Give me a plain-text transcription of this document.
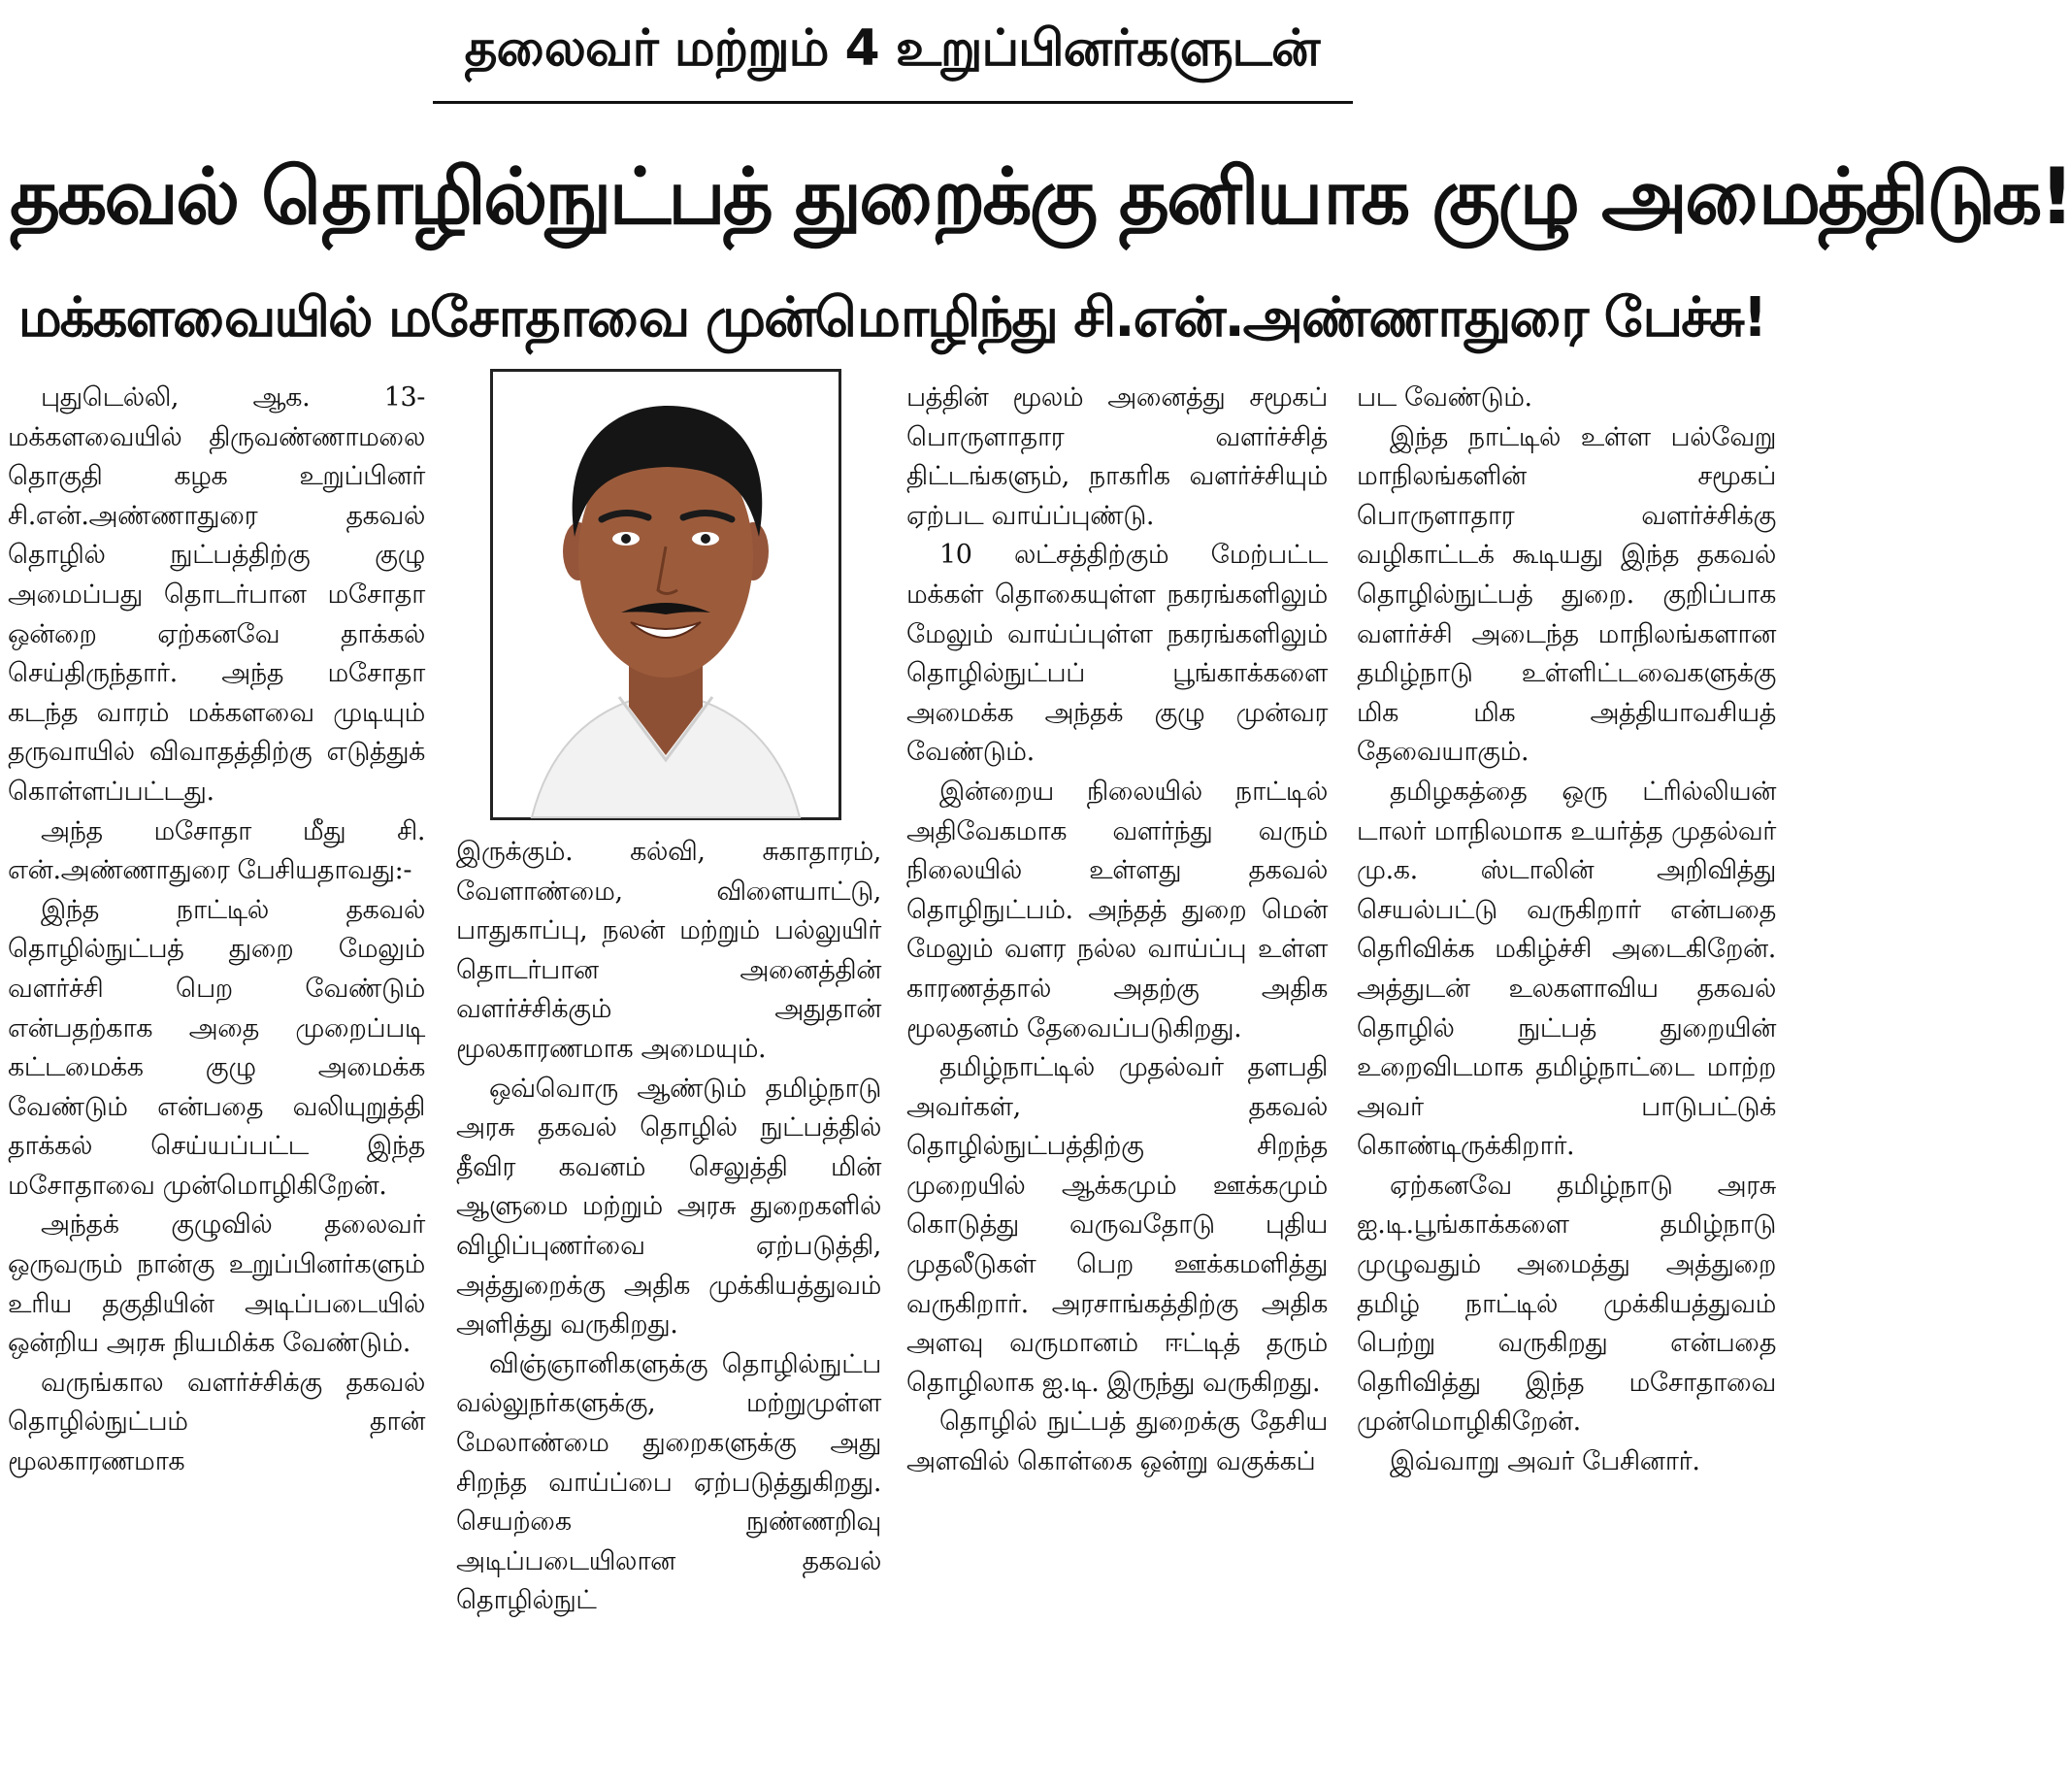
தலைவர் மற்றும் 4 உறுப்பினர்களுடன்
தகவல் தொழில்நுட்பத் துறைக்கு தனியாக குழு அமைத்திடுக!
மக்களவையில் மசோதாவை முன்மொழிந்து சி.என்.அண்ணாதுரை பேச்சு!

புதுடெல்லி, ஆக. 13- மக்களவையில் திருவண்ணாமலை தொகுதி கழக உறுப்பினர் சி.என்.அண்ணாதுரை தகவல் தொழில் நுட்பத்திற்கு குழு அமைப்பது தொடர்பான மசோதா ஒன்றை ஏற்கனவே தாக்கல் செய்திருந்தார். அந்த மசோதா கடந்த வாரம் மக்களவை முடியும் தருவாயில் விவாதத்திற்கு எடுத்துக் கொள்ளப்பட்டது.

அந்த மசோதா மீது சி. என்.அண்ணாதுரை பேசியதாவது:-

இந்த நாட்டில் தகவல் தொழில்நுட்பத் துறை மேலும் வளர்ச்சி பெற வேண்டும் என்பதற்காக அதை முறைப்படி கட்டமைக்க குழு அமைக்க வேண்டும் என்பதை வலியுறுத்தி தாக்கல் செய்யப்பட்ட இந்த மசோதாவை முன்மொழிகிறேன்.

அந்தக் குழுவில் தலைவர் ஒருவரும் நான்கு உறுப்பினர்களும் உரிய தகுதியின் அடிப்படையில் ஒன்றிய அரசு நியமிக்க வேண்டும்.

வருங்கால வளர்ச்சிக்கு தகவல் தொழில்நுட்பம் தான் மூலகாரணமாக

இருக்கும். கல்வி, சுகாதாரம், வேளாண்மை, விளையாட்டு, பாதுகாப்பு, நலன் மற்றும் பல்லுயிர் தொடர்பான அனைத்தின் வளர்ச்சிக்கும் அதுதான் மூலகாரணமாக அமையும்.

ஒவ்வொரு ஆண்டும் தமிழ்நாடு அரசு தகவல் தொழில் நுட்பத்தில் தீவிர கவனம் செலுத்தி மின் ஆளுமை மற்றும் அரசு துறைகளில் விழிப்புணர்வை ஏற்படுத்தி, அத்துறைக்கு அதிக முக்கியத்துவம் அளித்து வருகிறது.

விஞ்ஞானிகளுக்கு தொழில்நுட்ப வல்லுநர்களுக்கு, மற்றுமுள்ள மேலாண்மை துறைகளுக்கு அது சிறந்த வாய்ப்பை ஏற்படுத்துகிறது. செயற்கை நுண்ணறிவு அடிப்படையிலான தகவல் தொழில்நுட்

பத்தின் மூலம் அனைத்து சமூகப் பொருளாதார வளர்ச்சித் திட்டங்களும், நாகரிக வளர்ச்சியும் ஏற்பட வாய்ப்புண்டு.

10 லட்சத்திற்கும் மேற்பட்ட மக்கள் தொகையுள்ள நகரங்களிலும் மேலும் வாய்ப்புள்ள நகரங்களிலும் தொழில்நுட்பப் பூங்காக்களை அமைக்க அந்தக் குழு முன்வர வேண்டும்.

இன்றைய நிலையில் நாட்டில் அதிவேகமாக வளர்ந்து வரும் நிலையில் உள்ளது தகவல் தொழிநுட்பம். அந்தத் துறை மென் மேலும் வளர நல்ல வாய்ப்பு உள்ள காரணத்தால் அதற்கு அதிக மூலதனம் தேவைப்படுகிறது.

தமிழ்நாட்டில் முதல்வர் தளபதி அவர்கள், தகவல் தொழில்நுட்பத்திற்கு சிறந்த முறையில் ஆக்கமும் ஊக்கமும் கொடுத்து வருவதோடு புதிய முதலீடுகள் பெற ஊக்கமளித்து வருகிறார். அரசாங்கத்திற்கு அதிக அளவு வருமானம் ஈட்டித் தரும் தொழிலாக ஐ.டி. இருந்து வருகிறது.

தொழில் நுட்பத் துறைக்கு தேசிய அளவில் கொள்கை ஒன்று வகுக்கப்

பட வேண்டும்.

இந்த நாட்டில் உள்ள பல்வேறு மாநிலங்களின் சமூகப் பொருளாதார வளர்ச்சிக்கு வழிகாட்டக் கூடியது இந்த தகவல் தொழில்நுட்பத் துறை. குறிப்பாக வளர்ச்சி அடைந்த மாநிலங்களான தமிழ்நாடு உள்ளிட்டவைகளுக்கு மிக மிக அத்தியாவசியத் தேவையாகும்.

தமிழகத்தை ஒரு ட்ரில்லியன் டாலர் மாநிலமாக உயர்த்த முதல்வர் மு.க. ஸ்டாலின் அறிவித்து செயல்பட்டு வருகிறார் என்பதை தெரிவிக்க மகிழ்ச்சி அடைகிறேன். அத்துடன் உலகளாவிய தகவல் தொழில் நுட்பத் துறையின் உறைவிடமாக தமிழ்நாட்டை மாற்ற அவர் பாடுபட்டுக் கொண்டிருக்கிறார்.

ஏற்கனவே தமிழ்நாடு அரசு ஐ.டி.பூங்காக்களை தமிழ்நாடு முழுவதும் அமைத்து அத்துறை தமிழ் நாட்டில் முக்கியத்துவம் பெற்று வருகிறது என்பதை தெரிவித்து இந்த மசோதாவை முன்மொழிகிறேன்.

இவ்வாறு அவர் பேசினார்.
